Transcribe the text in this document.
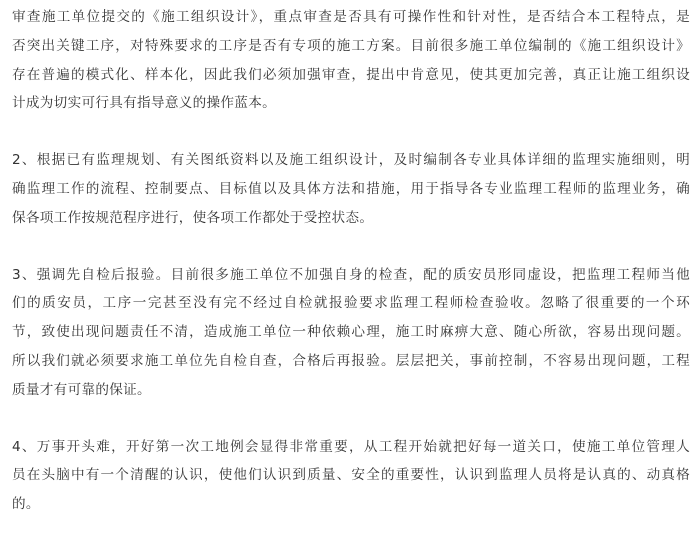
审查施工单位提交的《施工组织设计》，重点审查是否具有可操作性和针对性，是否结合本工程特点，是
否突出关键工序，对特殊要求的工序是否有专项的施工方案。目前很多施工单位编制的《施工组织设计》
存在普遍的模式化、样本化，因此我们必须加强审查，提出中肯意见，使其更加完善，真正让施工组织设
计成为切实可行具有指导意义的操作蓝本。

2、根据已有监理规划、有关图纸资料以及施工组织设计，及时编制各专业具体详细的监理实施细则，明
确监理工作的流程、控制要点、目标值以及具体方法和措施，用于指导各专业监理工程师的监理业务，确
保各项工作按规范程序进行，使各项工作都处于受控状态。

3、强调先自检后报验。目前很多施工单位不加强自身的检查，配的质安员形同虚设，把监理工程师当他
们的质安员，工序一完甚至没有完不经过自检就报验要求监理工程师检查验收。忽略了很重要的一个环
节，致使出现问题责任不清，造成施工单位一种依赖心理，施工时麻痹大意、随心所欲，容易出现问题。
所以我们就必须要求施工单位先自检自查，合格后再报验。层层把关，事前控制，不容易出现问题，工程
质量才有可靠的保证。

4、万事开头难，开好第一次工地例会显得非常重要，从工程开始就把好每一道关口，使施工单位管理人
员在头脑中有一个清醒的认识，使他们认识到质量、安全的重要性，认识到监理人员将是认真的、动真格
的。
